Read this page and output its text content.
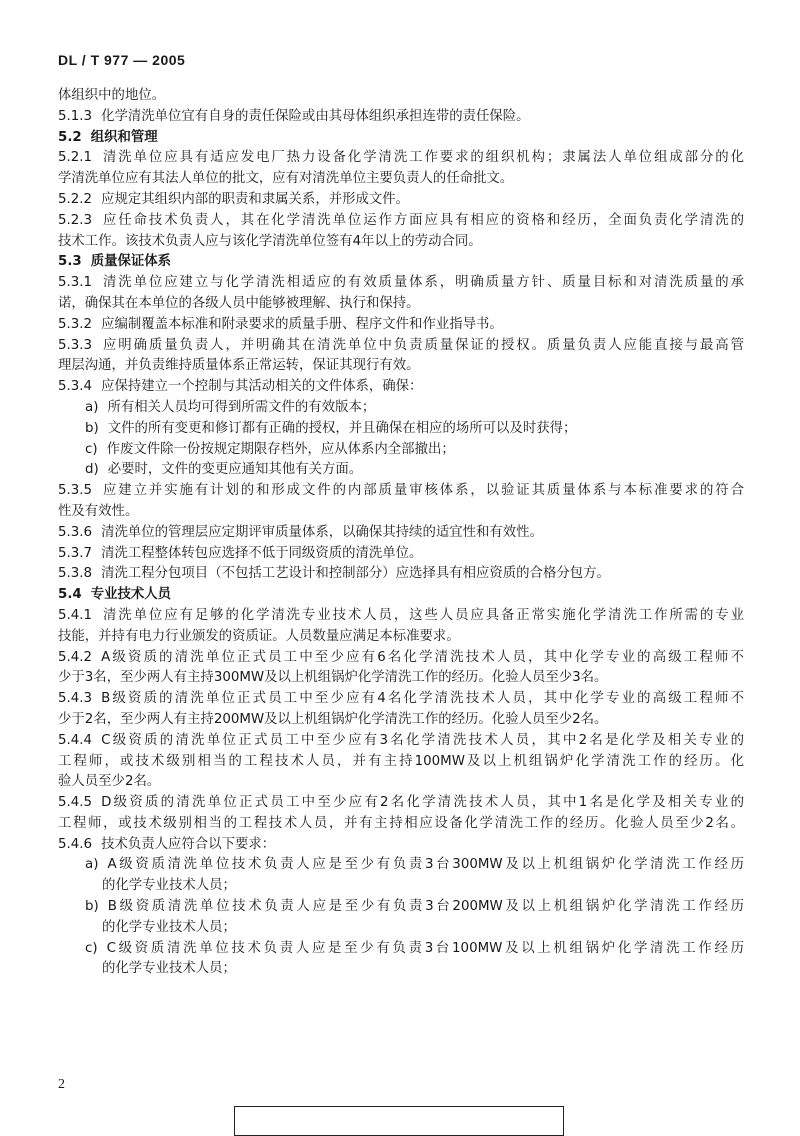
DL / T 977 — 2005
体组织中的地位。
5.1.3 化学清洗单位宜有自身的责任保险或由其母体组织承担连带的责任保险。
5.2 组织和管理
5.2.1 清洗单位应具有适应发电厂热力设备化学清洗工作要求的组织机构；隶属法人单位组成部分的化
学清洗单位应有其法人单位的批文，应有对清洗单位主要负责人的任命批文。
5.2.2 应规定其组织内部的职责和隶属关系，并形成文件。
5.2.3 应任命技术负责人，其在化学清洗单位运作方面应具有相应的资格和经历，全面负责化学清洗的
技术工作。该技术负责人应与该化学清洗单位签有4年以上的劳动合同。
5.3 质量保证体系
5.3.1 清洗单位应建立与化学清洗相适应的有效质量体系，明确质量方针、质量目标和对清洗质量的承
诺，确保其在本单位的各级人员中能够被理解、执行和保持。
5.3.2 应编制覆盖本标准和附录要求的质量手册、程序文件和作业指导书。
5.3.3 应明确质量负责人，并明确其在清洗单位中负责质量保证的授权。质量负责人应能直接与最高管
理层沟通，并负责维持质量体系正常运转，保证其现行有效。
5.3.4 应保持建立一个控制与其活动相关的文件体系，确保：
a) 所有相关人员均可得到所需文件的有效版本；
b) 文件的所有变更和修订都有正确的授权，并且确保在相应的场所可以及时获得；
c) 作废文件除一份按规定期限存档外，应从体系内全部撤出；
d) 必要时，文件的变更应通知其他有关方面。
5.3.5 应建立并实施有计划的和形成文件的内部质量审核体系，以验证其质量体系与本标准要求的符合
性及有效性。
5.3.6 清洗单位的管理层应定期评审质量体系，以确保其持续的适宜性和有效性。
5.3.7 清洗工程整体转包应选择不低于同级资质的清洗单位。
5.3.8 清洗工程分包项目（不包括工艺设计和控制部分）应选择具有相应资质的合格分包方。
5.4 专业技术人员
5.4.1 清洗单位应有足够的化学清洗专业技术人员，这些人员应具备正常实施化学清洗工作所需的专业
技能，并持有电力行业颁发的资质证。人员数量应满足本标准要求。
5.4.2 A级资质的清洗单位正式员工中至少应有6名化学清洗技术人员，其中化学专业的高级工程师不
少于3名，至少两人有主持300MW及以上机组锅炉化学清洗工作的经历。化验人员至少3名。
5.4.3 B级资质的清洗单位正式员工中至少应有4名化学清洗技术人员，其中化学专业的高级工程师不
少于2名，至少两人有主持200MW及以上机组锅炉化学清洗工作的经历。化验人员至少2名。
5.4.4 C级资质的清洗单位正式员工中至少应有3名化学清洗技术人员，其中2名是化学及相关专业的
工程师，或技术级别相当的工程技术人员，并有主持100MW及以上机组锅炉化学清洗工作的经历。化
验人员至少2名。
5.4.5 D级资质的清洗单位正式员工中至少应有2名化学清洗技术人员，其中1名是化学及相关专业的
工程师，或技术级别相当的工程技术人员，并有主持相应设备化学清洗工作的经历。化验人员至少2名。
5.4.6 技术负责人应符合以下要求：
a) A级资质清洗单位技术负责人应是至少有负责3台300MW及以上机组锅炉化学清洗工作经历
的化学专业技术人员；
b) B级资质清洗单位技术负责人应是至少有负责3台200MW及以上机组锅炉化学清洗工作经历
的化学专业技术人员；
c) C级资质清洗单位技术负责人应是至少有负责3台100MW及以上机组锅炉化学清洗工作经历
的化学专业技术人员；
2
